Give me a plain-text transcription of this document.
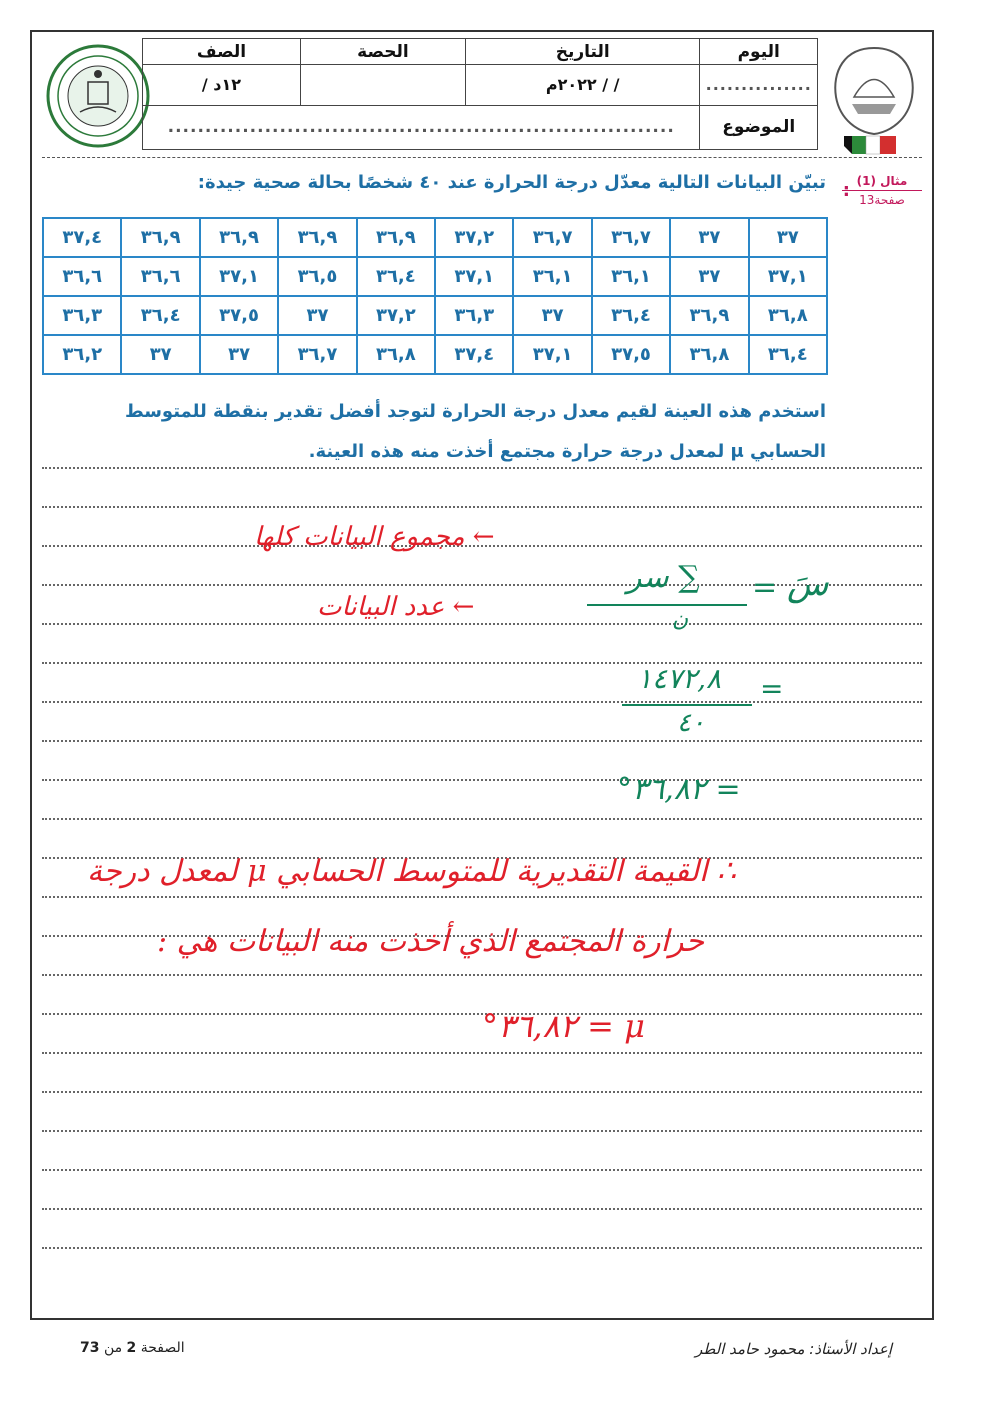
اليوم	التاريخ	الحصة	الصف
...............	/ / ٢٠٢٢م		١٢د /
الموضوع	....................................................................		
مثال (1)
صفحة13
:
تبيّن البيانات التالية معدّل درجة الحرارة عند ٤٠ شخصًا بحالة صحية جيدة:
٣٧	٣٧	٣٦,٧	٣٦,٧	٣٧,٢	٣٦,٩	٣٦,٩	٣٦,٩	٣٦,٩	٣٧,٤
٣٧,١	٣٧	٣٦,١	٣٦,١	٣٧,١	٣٦,٤	٣٦,٥	٣٧,١	٣٦,٦	٣٦,٦
٣٦,٨	٣٦,٩	٣٦,٤	٣٧	٣٦,٣	٣٧,٢	٣٧	٣٧,٥	٣٦,٤	٣٦,٣
٣٦,٤	٣٦,٨	٣٧,٥	٣٧,١	٣٧,٤	٣٦,٨	٣٦,٧	٣٧	٣٧	٣٦,٢
استخدم هذه العينة لقيم معدل درجة الحرارة لتوجد أفضل تقدير بنقطة للمتوسط
الحسابي μ لمعدل درجة حرارة مجتمع أخذت منه هذه العينة.
سَ
=
∑ سر
ن
← مجموع البيانات كلها
← عدد البيانات
١٤٧٢,٨
٤٠
=
= ٣٦,٨٢°
∴ القيمة التقديرية للمتوسط الحسابي μ لمعدل درجة
حرارة المجتمع الذي أخذت منه البيانات هي :
μ = ٣٦,٨٢°
إعداد الأستاذ: محمود حامد الطر
الصفحة 2 من 73
